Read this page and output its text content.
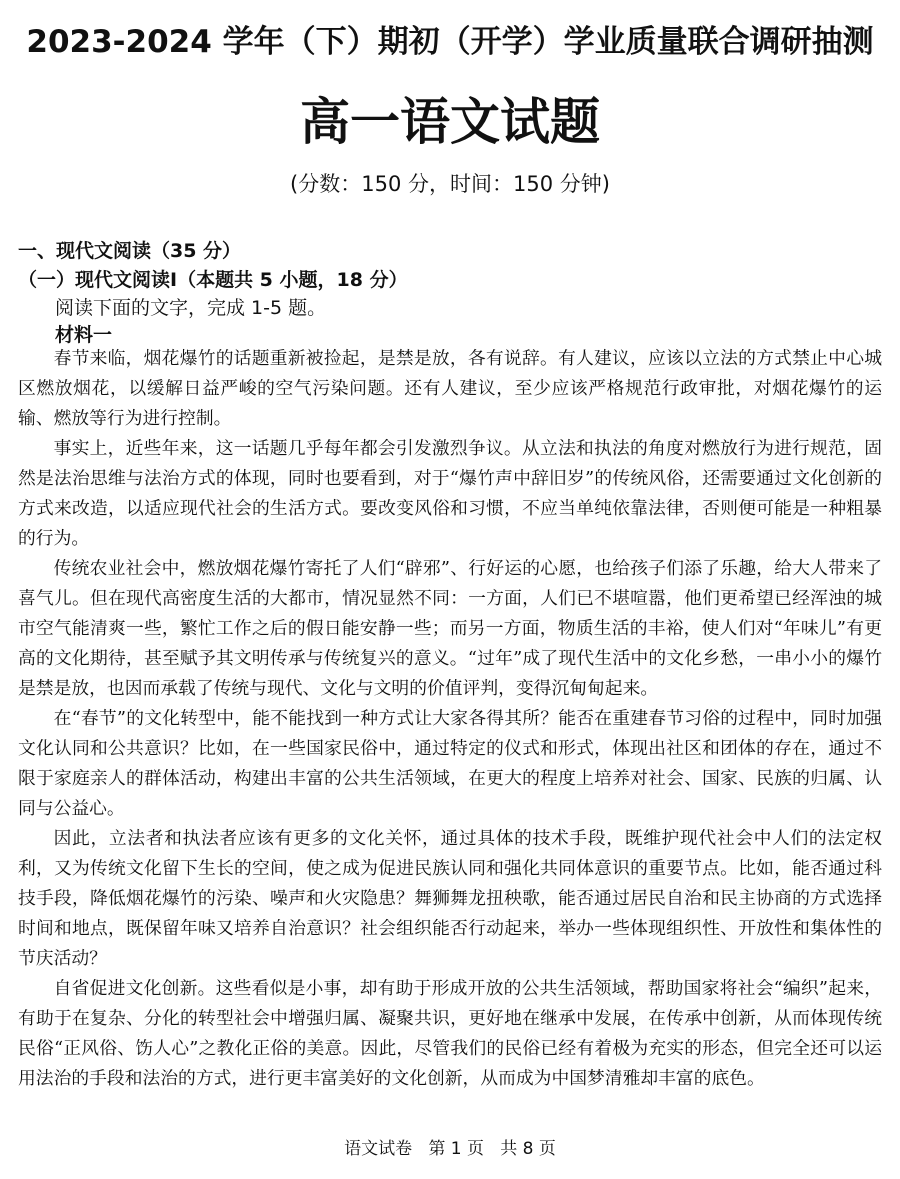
2023-2024 学年（下）期初（开学）学业质量联合调研抽测
高一语文试题
(分数：150 分，时间：150 分钟)
一、现代文阅读（35 分）
（一）现代文阅读Ⅰ（本题共 5 小题，18 分）
阅读下面的文字，完成 1-5 题。
材料一

春节来临，烟花爆竹的话题重新被捡起，是禁是放，各有说辞。有人建议，应该以立法的方式禁止中心城区燃放烟花，以缓解日益严峻的空气污染问题。还有人建议，至少应该严格规范行政审批，对烟花爆竹的运输、燃放等行为进行控制。

事实上，近些年来，这一话题几乎每年都会引发激烈争议。从立法和执法的角度对燃放行为进行规范，固然是法治思维与法治方式的体现，同时也要看到，对于“爆竹声中辞旧岁”的传统风俗，还需要通过文化创新的方式来改造，以适应现代社会的生活方式。要改变风俗和习惯，不应当单纯依靠法律，否则便可能是一种粗暴的行为。

传统农业社会中，燃放烟花爆竹寄托了人们“辟邪”、行好运的心愿，也给孩子们添了乐趣，给大人带来了喜气儿。但在现代高密度生活的大都市，情况显然不同：一方面，人们已不堪喧嚣，他们更希望已经浑浊的城市空气能清爽一些，繁忙工作之后的假日能安静一些；而另一方面，物质生活的丰裕，使人们对“年味儿”有更高的文化期待，甚至赋予其文明传承与传统复兴的意义。“过年”成了现代生活中的文化乡愁，一串小小的爆竹是禁是放，也因而承载了传统与现代、文化与文明的价值评判，变得沉甸甸起来。

在“春节”的文化转型中，能不能找到一种方式让大家各得其所？能否在重建春节习俗的过程中，同时加强文化认同和公共意识？比如，在一些国家民俗中，通过特定的仪式和形式，体现出社区和团体的存在，通过不限于家庭亲人的群体活动，构建出丰富的公共生活领域，在更大的程度上培养对社会、国家、民族的归属、认同与公益心。

因此，立法者和执法者应该有更多的文化关怀，通过具体的技术手段，既维护现代社会中人们的法定权利，又为传统文化留下生长的空间，使之成为促进民族认同和强化共同体意识的重要节点。比如，能否通过科技手段，降低烟花爆竹的污染、噪声和火灾隐患？舞狮舞龙扭秧歌，能否通过居民自治和民主协商的方式选择时间和地点，既保留年味又培养自治意识？社会组织能否行动起来，举办一些体现组织性、开放性和集体性的节庆活动？

自省促进文化创新。这些看似是小事，却有助于形成开放的公共生活领域，帮助国家将社会“编织”起来，有助于在复杂、分化的转型社会中增强归属、凝聚共识，更好地在继承中发展，在传承中创新，从而体现传统民俗“正风俗、饬人心”之教化正俗的美意。因此，尽管我们的民俗已经有着极为充实的形态，但完全还可以运用法治的手段和法治的方式，进行更丰富美好的文化创新，从而成为中国梦清雅却丰富的底色。

语文试卷   第 1 页   共 8 页
